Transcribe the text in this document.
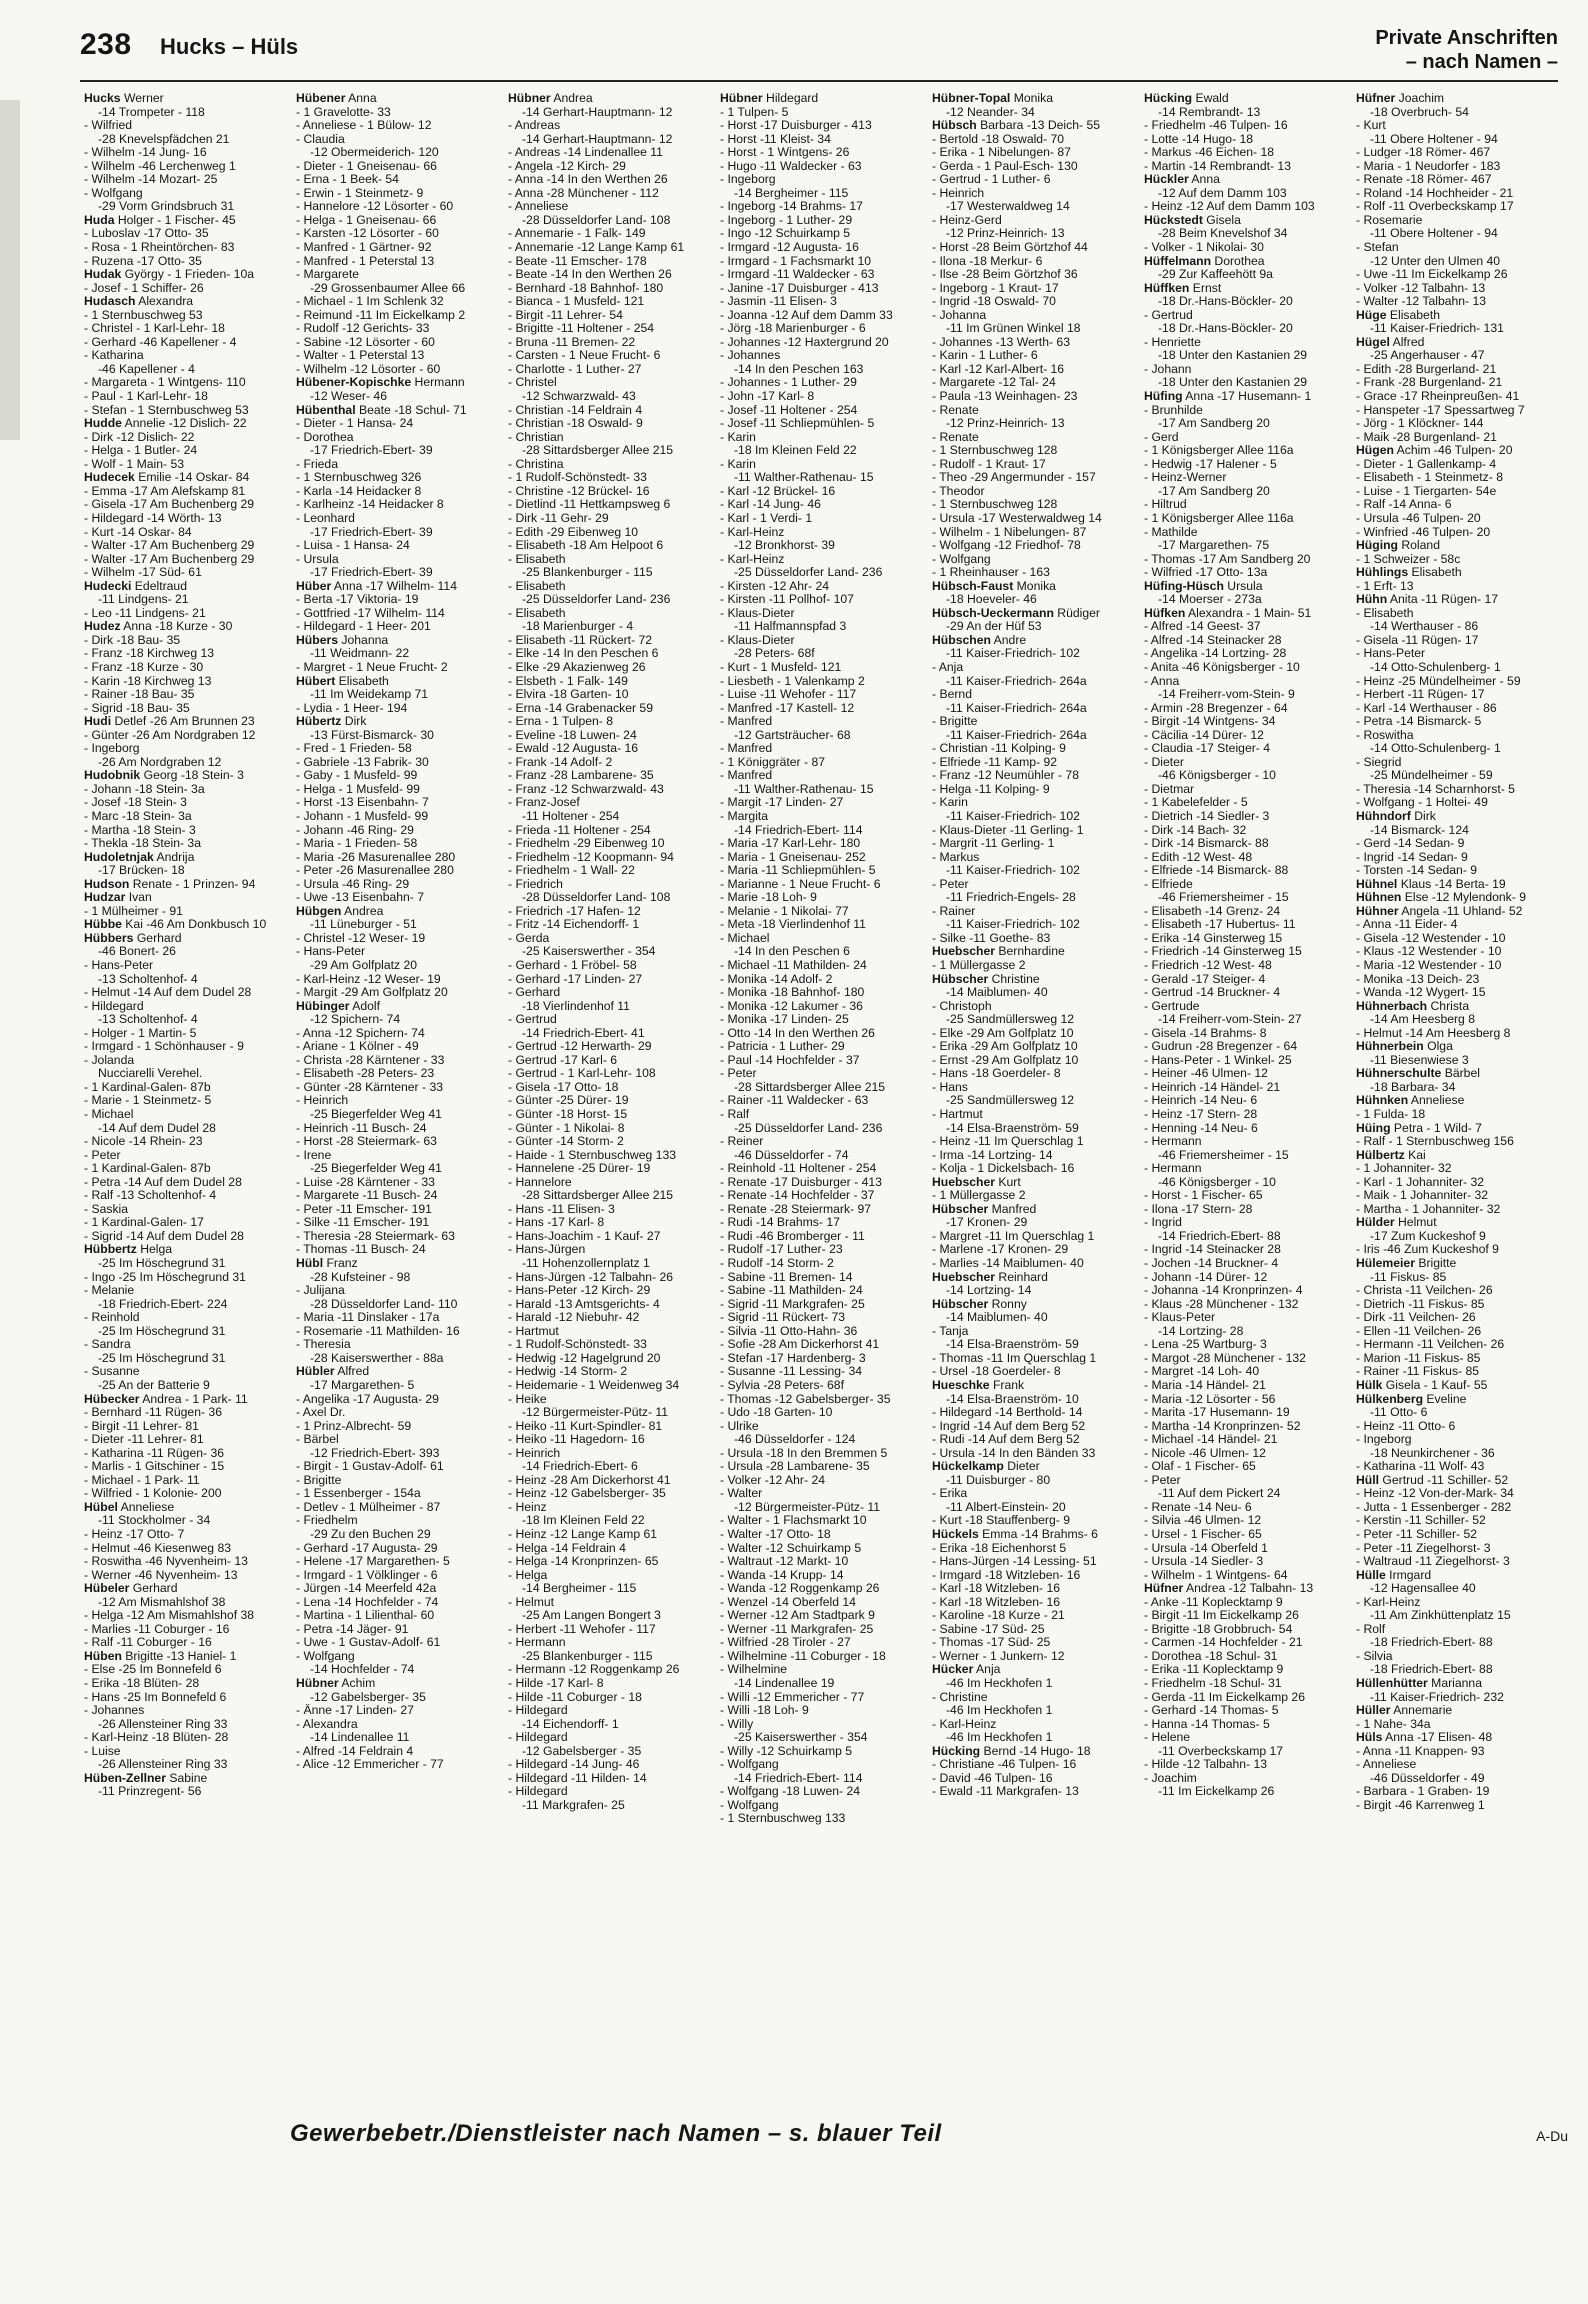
238 Hucks – Hüls	Private Anschriften
– nach Namen –
Hucks Werner
-14 Trompeter - 118
- Wilfried
-28 Knevelspfädchen 21
- Wilhelm -14 Jung- 16
- Wilhelm -46 Lerchenweg 1
- Wilhelm -14 Mozart- 25
- Wolfgang
-29 Vorm Grindsbruch 31
Huda Holger - 1 Fischer- 45
- Luboslav -17 Otto- 35
- Rosa - 1 Rheintörchen- 83
- Ruzena -17 Otto- 35
Hudak György - 1 Frieden- 10a
- Josef - 1 Schiffer- 26
Hudasch Alexandra
- 1 Sternbuschweg 53
- Christel - 1 Karl-Lehr- 18
- Gerhard -46 Kapellener - 4
- Katharina
-46 Kapellener - 4
- Margareta - 1 Wintgens- 110
- Paul - 1 Karl-Lehr- 18
- Stefan - 1 Sternbuschweg 53
Hudde Annelie -12 Dislich- 22
- Dirk -12 Dislich- 22
- Helga - 1 Butler- 24
- Wolf - 1 Main- 53
Hudecek Emilie -14 Oskar- 84
- Emma -17 Am Alefskamp 81
- Gisela -17 Am Buchenberg 29
- Hildegard -14 Wörth- 13
- Kurt -14 Oskar- 84
- Walter -17 Am Buchenberg 29
- Walter -17 Am Buchenberg 29
- Wilhelm -17 Süd- 61
Hudecki Edeltraud
-11 Lindgens- 21
- Leo -11 Lindgens- 21
Hudez Anna -18 Kurze - 30
- Dirk -18 Bau- 35
- Franz -18 Kirchweg 13
- Franz -18 Kurze - 30
- Karin -18 Kirchweg 13
- Rainer -18 Bau- 35
- Sigrid -18 Bau- 35
Hudi Detlef -26 Am Brunnen 23
- Günter -26 Am Nordgraben 12
- Ingeborg
-26 Am Nordgraben 12
Hudobnik Georg -18 Stein- 3
- Johann -18 Stein- 3a
- Josef -18 Stein- 3
- Marc -18 Stein- 3a
- Martha -18 Stein- 3
- Thekla -18 Stein- 3a
Hudoletnjak Andrija
-17 Brücken- 18
Hudson Renate - 1 Prinzen- 94
Hudzar Ivan
- 1 Mülheimer - 91
Hübbe Kai -46 Am Donkbusch 10
Hübbers Gerhard
-46 Bonert- 26
- Hans-Peter
-13 Scholtenhof- 4
- Helmut -14 Auf dem Dudel 28
- Hildegard
-13 Scholtenhof- 4
- Holger - 1 Martin- 5
- Irmgard - 1 Schönhauser - 9
- Jolanda
Nucciarelli Verehel.
- 1 Kardinal-Galen- 87b
- Marie - 1 Steinmetz- 5
- Michael
-14 Auf dem Dudel 28
- Nicole -14 Rhein- 23
- Peter
- 1 Kardinal-Galen- 87b
- Petra -14 Auf dem Dudel 28
- Ralf -13 Scholtenhof- 4
- Saskia
- 1 Kardinal-Galen- 17
- Sigrid -14 Auf dem Dudel 28
Hübbertz Helga
-25 Im Höschegrund 31
- Ingo -25 Im Höschegrund 31
- Melanie
-18 Friedrich-Ebert- 224
- Reinhold
-25 Im Höschegrund 31
- Sandra
-25 Im Höschegrund 31
- Susanne
-25 An der Batterie 9
Hübecker Andrea - 1 Park- 11
- Bernhard -11 Rügen- 36
- Birgit -11 Lehrer- 81
- Dieter -11 Lehrer- 81
- Katharina -11 Rügen- 36
- Marlis - 1 Gitschiner - 15
- Michael - 1 Park- 11
- Wilfried - 1 Kolonie- 200
Hübel Anneliese
-11 Stockholmer - 34
- Heinz -17 Otto- 7
- Helmut -46 Kiesenweg 83
- Roswitha -46 Nyvenheim- 13
- Werner -46 Nyvenheim- 13
Hübeler Gerhard
-12 Am Mismahlshof 38
- Helga -12 Am Mismahlshof 38
- Marlies -11 Coburger - 16
- Ralf -11 Coburger - 16
Hüben Brigitte -13 Haniel- 1
- Else -25 Im Bonnefeld 6
- Erika -18 Blüten- 28
- Hans -25 Im Bonnefeld 6
- Johannes
-26 Allensteiner Ring 33
- Karl-Heinz -18 Blüten- 28
- Luise
-26 Allensteiner Ring 33
Hüben-Zellner Sabine
-11 Prinzregent- 56
Hübener Anna
- 1 Gravelotte- 33
- Anneliese - 1 Bülow- 12
- Claudia
-12 Obermeiderich- 120
- Dieter - 1 Gneisenau- 66
- Erna - 1 Beek- 54
- Erwin - 1 Steinmetz- 9
- Hannelore -12 Lösorter - 60
- Helga - 1 Gneisenau- 66
- Karsten -12 Lösorter - 60
- Manfred - 1 Gärtner- 92
- Manfred - 1 Peterstal 13
- Margarete
-29 Grossenbaumer Allee 66
- Michael - 1 Im Schlenk 32
- Reimund -11 Im Eickelkamp 2
- Rudolf -12 Gerichts- 33
- Sabine -12 Lösorter - 60
- Walter - 1 Peterstal 13
- Wilhelm -12 Lösorter - 60
Hübener-Kopischke Hermann
-12 Weser- 46
Hübenthal Beate -18 Schul- 71
- Dieter - 1 Hansa- 24
- Dorothea
-17 Friedrich-Ebert- 39
- Frieda
- 1 Sternbuschweg 326
- Karla -14 Heidacker 8
- Karlheinz -14 Heidacker 8
- Leonhard
-17 Friedrich-Ebert- 39
- Luisa - 1 Hansa- 24
- Ursula
-17 Friedrich-Ebert- 39
Hüber Anna -17 Wilhelm- 114
- Berta -17 Viktoria- 19
- Gottfried -17 Wilhelm- 114
- Hildegard - 1 Heer- 201
Hübers Johanna
-11 Weidmann- 22
- Margret - 1 Neue Frucht- 2
Hübert Elisabeth
-11 Im Weidekamp 71
- Lydia - 1 Heer- 194
Hübertz Dirk
-13 Fürst-Bismarck- 30
- Fred - 1 Frieden- 58
- Gabriele -13 Fabrik- 30
- Gaby - 1 Musfeld- 99
- Helga - 1 Musfeld- 99
- Horst -13 Eisenbahn- 7
- Johann - 1 Musfeld- 99
- Johann -46 Ring- 29
- Maria - 1 Frieden- 58
- Maria -26 Masurenallee 280
- Peter -26 Masurenallee 280
- Ursula -46 Ring- 29
- Uwe -13 Eisenbahn- 7
Hübgen Andrea
-11 Lüneburger - 51
- Christel -12 Weser- 19
- Hans-Peter
-29 Am Golfplatz 20
- Karl-Heinz -12 Weser- 19
- Margit -29 Am Golfplatz 20
Hübinger Adolf
-12 Spichern- 74
- Anna -12 Spichern- 74
- Ariane - 1 Kölner - 49
- Christa -28 Kärntener - 33
- Elisabeth -28 Peters- 23
- Günter -28 Kärntener - 33
- Heinrich
-25 Biegerfelder Weg 41
- Heinrich -11 Busch- 24
- Horst -28 Steiermark- 63
- Irene
-25 Biegerfelder Weg 41
- Luise -28 Kärntener - 33
- Margarete -11 Busch- 24
- Peter -11 Emscher- 191
- Silke -11 Emscher- 191
- Theresia -28 Steiermark- 63
- Thomas -11 Busch- 24
Hübl Franz
-28 Kufsteiner - 98
- Julijana
-28 Düsseldorfer Land- 110
- Maria -11 Dinslaker - 17a
- Rosemarie -11 Mathilden- 16
- Theresia
-28 Kaiserswerther - 88a
Hübler Alfred
-17 Margarethen- 5
- Angelika -17 Augusta- 29
- Axel Dr.
- 1 Prinz-Albrecht- 59
- Bärbel
-12 Friedrich-Ebert- 393
- Birgit - 1 Gustav-Adolf- 61
- Brigitte
- 1 Essenberger - 154a
- Detlev - 1 Mülheimer - 87
- Friedhelm
-29 Zu den Buchen 29
- Gerhard -17 Augusta- 29
- Helene -17 Margarethen- 5
- Irmgard - 1 Völklinger - 6
- Jürgen -14 Meerfeld 42a
- Lena -14 Hochfelder - 74
- Martina - 1 Lilienthal- 60
- Petra -14 Jäger- 91
- Uwe - 1 Gustav-Adolf- 61
- Wolfgang
-14 Hochfelder - 74
Hübner Achim
-12 Gabelsberger- 35
- Änne -17 Linden- 27
- Alexandra
-14 Lindenallee 11
- Alfred -14 Feldrain 4
- Alice -12 Emmericher - 77
Hübner Andrea
-14 Gerhart-Hauptmann- 12
- Andreas
-14 Gerhart-Hauptmann- 12
- Andreas -14 Lindenallee 11
- Angela -12 Kirch- 29
- Anna -14 In den Werthen 26
- Anna -28 Münchener - 112
- Anneliese
-28 Düsseldorfer Land- 108
- Annemarie - 1 Falk- 149
- Annemarie -12 Lange Kamp 61
- Beate -11 Emscher- 178
- Beate -14 In den Werthen 26
- Bernhard -18 Bahnhof- 180
- Bianca - 1 Musfeld- 121
- Birgit -11 Lehrer- 54
- Brigitte -11 Holtener - 254
- Bruna -11 Bremen- 22
- Carsten - 1 Neue Frucht- 6
- Charlotte - 1 Luther- 27
- Christel
-12 Schwarzwald- 43
- Christian -14 Feldrain 4
- Christian -18 Oswald- 9
- Christian
-28 Sittardsberger Allee 215
- Christina
- 1 Rudolf-Schönstedt- 33
- Christine -12 Brückel- 16
- Dietlind -11 Hettkampsweg 6
- Dirk -11 Gehr- 29
- Edith -29 Eibenweg 10
- Elisabeth -18 Am Helpoot 6
- Elisabeth
-25 Blankenburger - 115
- Elisabeth
-25 Düsseldorfer Land- 236
- Elisabeth
-18 Marienburger - 4
- Elisabeth -11 Rückert- 72
- Elke -14 In den Peschen 6
- Elke -29 Akazienweg 26
- Elsbeth - 1 Falk- 149
- Elvira -18 Garten- 10
- Erna -14 Grabenacker 59
- Erna - 1 Tulpen- 8
- Eveline -18 Luwen- 24
- Ewald -12 Augusta- 16
- Frank -14 Adolf- 2
- Franz -28 Lambarene- 35
- Franz -12 Schwarzwald- 43
- Franz-Josef
-11 Holtener - 254
- Frieda -11 Holtener - 254
- Friedhelm -29 Eibenweg 10
- Friedhelm -12 Koopmann- 94
- Friedhelm - 1 Wall- 22
- Friedrich
-28 Düsseldorfer Land- 108
- Friedrich -17 Hafen- 12
- Fritz -14 Eichendorff- 1
- Gerda
-25 Kaiserswerther - 354
- Gerhard - 1 Fröbel- 58
- Gerhard -17 Linden- 27
- Gerhard
-18 Vierlindenhof 11
- Gertrud
-14 Friedrich-Ebert- 41
- Gertrud -12 Herwarth- 29
- Gertrud -17 Karl- 6
- Gertrud - 1 Karl-Lehr- 108
- Gisela -17 Otto- 18
- Günter -25 Dürer- 19
- Günter -18 Horst- 15
- Günter - 1 Nikolai- 8
- Günter -14 Storm- 2
- Haide - 1 Sternbuschweg 133
- Hannelene -25 Dürer- 19
- Hannelore
-28 Sittardsberger Allee 215
- Hans -11 Elisen- 3
- Hans -17 Karl- 8
- Hans-Joachim - 1 Kauf- 27
- Hans-Jürgen
-11 Hohenzollernplatz 1
- Hans-Jürgen -12 Talbahn- 26
- Hans-Peter -12 Kirch- 29
- Harald -13 Amtsgerichts- 4
- Harald -12 Niebuhr- 42
- Hartmut
- 1 Rudolf-Schönstedt- 33
- Hedwig -12 Hagelgrund 20
- Hedwig -14 Storm- 2
- Heidemarie - 1 Weidenweg 34
- Heike
-12 Bürgermeister-Pütz- 11
- Heiko -11 Kurt-Spindler- 81
- Heiko -11 Hagedorn- 16
- Heinrich
-14 Friedrich-Ebert- 6
- Heinz -28 Am Dickerhorst 41
- Heinz -12 Gabelsberger- 35
- Heinz
-18 Im Kleinen Feld 22
- Heinz -12 Lange Kamp 61
- Helga -14 Feldrain 4
- Helga -14 Kronprinzen- 65
- Helga
-14 Bergheimer - 115
- Helmut
-25 Am Langen Bongert 3
- Herbert -11 Wehofer - 117
- Hermann
-25 Blankenburger - 115
- Hermann -12 Roggenkamp 26
- Hilde -17 Karl- 8
- Hilde -11 Coburger - 18
- Hildegard
-14 Eichendorff- 1
- Hildegard
-12 Gabelsberger - 35
- Hildegard -14 Jung- 46
- Hildegard -11 Hilden- 14
- Hildegard
-11 Markgrafen- 25
Hübner Hildegard
- 1 Tulpen- 5
- Horst -17 Duisburger - 413
- Horst -11 Kleist- 34
- Horst - 1 Wintgens- 26
- Hugo -11 Waldecker - 63
- Ingeborg
-14 Bergheimer - 115
- Ingeborg -14 Brahms- 17
- Ingeborg - 1 Luther- 29
- Ingo -12 Schuirkamp 5
- Irmgard -12 Augusta- 16
- Irmgard - 1 Fachsmarkt 10
- Irmgard -11 Waldecker - 63
- Janine -17 Duisburger - 413
- Jasmin -11 Elisen- 3
- Joanna -12 Auf dem Damm 33
- Jörg -18 Marienburger - 6
- Johannes -12 Haxtergrund 20
- Johannes
-14 In den Peschen 163
- Johannes - 1 Luther- 29
- John -17 Karl- 8
- Josef -11 Holtener - 254
- Josef -11 Schliepmühlen- 5
- Karin
-18 Im Kleinen Feld 22
- Karin
-11 Walther-Rathenau- 15
- Karl -12 Brückel- 16
- Karl -14 Jung- 46
- Karl - 1 Verdi- 1
- Karl-Heinz
-12 Bronkhorst- 39
- Karl-Heinz
-25 Düsseldorfer Land- 236
- Kirsten -12 Ahr- 24
- Kirsten -11 Pollhof- 107
- Klaus-Dieter
-11 Halfmannspfad 3
- Klaus-Dieter
-28 Peters- 68f
- Kurt - 1 Musfeld- 121
- Liesbeth - 1 Valenkamp 2
- Luise -11 Wehofer - 117
- Manfred -17 Kastell- 12
- Manfred
-12 Gartsträucher- 68
- Manfred
- 1 Königgräter - 87
- Manfred
-11 Walther-Rathenau- 15
- Margit -17 Linden- 27
- Margita
-14 Friedrich-Ebert- 114
- Maria -17 Karl-Lehr- 180
- Maria - 1 Gneisenau- 252
- Maria -11 Schliepmühlen- 5
- Marianne - 1 Neue Frucht- 6
- Marie -18 Loh- 9
- Melanie - 1 Nikolai- 77
- Meta -18 Vierlindenhof 11
- Michael
-14 In den Peschen 6
- Michael -11 Mathilden- 24
- Monika -14 Adolf- 2
- Monika -18 Bahnhof- 180
- Monika -12 Lakumer - 36
- Monika -17 Linden- 25
- Otto -14 In den Werthen 26
- Patricia - 1 Luther- 29
- Paul -14 Hochfelder - 37
- Peter
-28 Sittardsberger Allee 215
- Rainer -11 Waldecker - 63
- Ralf
-25 Düsseldorfer Land- 236
- Reiner
-46 Düsseldorfer - 74
- Reinhold -11 Holtener - 254
- Renate -17 Duisburger - 413
- Renate -14 Hochfelder - 37
- Renate -28 Steiermark- 97
- Rudi -14 Brahms- 17
- Rudi -46 Bromberger - 11
- Rudolf -17 Luther- 23
- Rudolf -14 Storm- 2
- Sabine -11 Bremen- 14
- Sabine -11 Mathilden- 24
- Sigrid -11 Markgrafen- 25
- Sigrid -11 Rückert- 73
- Silvia -11 Otto-Hahn- 36
- Sofie -28 Am Dickerhorst 41
- Stefan -17 Hardenberg- 3
- Susanne -11 Lessing- 34
- Sylvia -28 Peters- 68f
- Thomas -12 Gabelsberger- 35
- Udo -18 Garten- 10
- Ulrike
-46 Düsseldorfer - 124
- Ursula -18 In den Bremmen 5
- Ursula -28 Lambarene- 35
- Volker -12 Ahr- 24
- Walter
-12 Bürgermeister-Pütz- 11
- Walter - 1 Flachsmarkt 10
- Walter -17 Otto- 18
- Walter -12 Schuirkamp 5
- Waltraut -12 Markt- 10
- Wanda -14 Krupp- 14
- Wanda -12 Roggenkamp 26
- Wenzel -14 Oberfeld 14
- Werner -12 Am Stadtpark 9
- Werner -11 Markgrafen- 25
- Wilfried -28 Tiroler - 27
- Wilhelmine -11 Coburger - 18
- Wilhelmine
-14 Lindenallee 19
- Willi -12 Emmericher - 77
- Willi -18 Loh- 9
- Willy
-25 Kaiserswerther - 354
- Willy -12 Schuirkamp 5
- Wolfgang
-14 Friedrich-Ebert- 114
- Wolfgang -18 Luwen- 24
- Wolfgang
- 1 Sternbuschweg 133
Hübner-Topal Monika
-12 Neander- 34
Hübsch Barbara -13 Deich- 55
- Bertold -18 Oswald- 70
- Erika - 1 Nibelungen- 87
- Gerda - 1 Paul-Esch- 130
- Gertrud - 1 Luther- 6
- Heinrich
-17 Westerwaldweg 14
- Heinz-Gerd
-12 Prinz-Heinrich- 13
- Horst -28 Beim Görtzhof 44
- Ilona -18 Merkur- 6
- Ilse -28 Beim Görtzhof 36
- Ingeborg - 1 Kraut- 17
- Ingrid -18 Oswald- 70
- Johanna
-11 Im Grünen Winkel 18
- Johannes -13 Werth- 63
- Karin - 1 Luther- 6
- Karl -12 Karl-Albert- 16
- Margarete -12 Tal- 24
- Paula -13 Weinhagen- 23
- Renate
-12 Prinz-Heinrich- 13
- Renate
- 1 Sternbuschweg 128
- Rudolf - 1 Kraut- 17
- Theo -29 Angermunder - 157
- Theodor
- 1 Sternbuschweg 128
- Ursula -17 Westerwaldweg 14
- Wilhelm - 1 Nibelungen- 87
- Wolfgang -12 Friedhof- 78
- Wolfgang
- 1 Rheinhauser - 163
Hübsch-Faust Monika
-18 Hoeveler- 46
Hübsch-Ueckermann Rüdiger
-29 An der Hüf 53
Hübschen Andre
-11 Kaiser-Friedrich- 102
- Anja
-11 Kaiser-Friedrich- 264a
- Bernd
-11 Kaiser-Friedrich- 264a
- Brigitte
-11 Kaiser-Friedrich- 264a
- Christian -11 Kolping- 9
- Elfriede -11 Kamp- 92
- Franz -12 Neumühler - 78
- Helga -11 Kolping- 9
- Karin
-11 Kaiser-Friedrich- 102
- Klaus-Dieter -11 Gerling- 1
- Margrit -11 Gerling- 1
- Markus
-11 Kaiser-Friedrich- 102
- Peter
-11 Friedrich-Engels- 28
- Rainer
-11 Kaiser-Friedrich- 102
- Silke -11 Goethe- 83
Huebscher Bernhardine
- 1 Müllergasse 2
Hübscher Christine
-14 Maiblumen- 40
- Christoph
-25 Sandmüllersweg 12
- Elke -29 Am Golfplatz 10
- Erika -29 Am Golfplatz 10
- Ernst -29 Am Golfplatz 10
- Hans -18 Goerdeler- 8
- Hans
-25 Sandmüllersweg 12
- Hartmut
-14 Elsa-Braenström- 59
- Heinz -11 Im Querschlag 1
- Irma -14 Lortzing- 14
- Kolja - 1 Dickelsbach- 16
Huebscher Kurt
- 1 Müllergasse 2
Hübscher Manfred
-17 Kronen- 29
- Margret -11 Im Querschlag 1
- Marlene -17 Kronen- 29
- Marlies -14 Maiblumen- 40
Huebscher Reinhard
-14 Lortzing- 14
Hübscher Ronny
-14 Maiblumen- 40
- Tanja
-14 Elsa-Braenström- 59
- Thomas -11 Im Querschlag 1
- Ursel -18 Goerdeler- 8
Hueschke Frank
-14 Elsa-Braenström- 10
- Hildegard -14 Berthold- 14
- Ingrid -14 Auf dem Berg 52
- Rudi -14 Auf dem Berg 52
- Ursula -14 In den Bänden 33
Hückelkamp Dieter
-11 Duisburger - 80
- Erika
-11 Albert-Einstein- 20
- Kurt -18 Stauffenberg- 9
Hückels Emma -14 Brahms- 6
- Erika -18 Eichenhorst 5
- Hans-Jürgen -14 Lessing- 51
- Irmgard -18 Witzleben- 16
- Karl -18 Witzleben- 16
- Karl -18 Witzleben- 16
- Karoline -18 Kurze - 21
- Sabine -17 Süd- 25
- Thomas -17 Süd- 25
- Werner - 1 Junkern- 12
Hücker Anja
-46 Im Heckhofen 1
- Christine
-46 Im Heckhofen 1
- Karl-Heinz
-46 Im Heckhofen 1
Hücking Bernd -14 Hugo- 18
- Christiane -46 Tulpen- 16
- David -46 Tulpen- 16
- Ewald -11 Markgrafen- 13
Hücking Ewald
-14 Rembrandt- 13
- Friedhelm -46 Tulpen- 16
- Lotte -14 Hugo- 18
- Markus -46 Eichen- 18
- Martin -14 Rembrandt- 13
Hückler Anna
-12 Auf dem Damm 103
- Heinz -12 Auf dem Damm 103
Hückstedt Gisela
-28 Beim Knevelshof 34
- Volker - 1 Nikolai- 30
Hüffelmann Dorothea
-29 Zur Kaffeehött 9a
Hüffken Ernst
-18 Dr.-Hans-Böckler- 20
- Gertrud
-18 Dr.-Hans-Böckler- 20
- Henriette
-18 Unter den Kastanien 29
- Johann
-18 Unter den Kastanien 29
Hüfing Anna -17 Husemann- 1
- Brunhilde
-17 Am Sandberg 20
- Gerd
- 1 Königsberger Allee 116a
- Hedwig -17 Halener - 5
- Heinz-Werner
-17 Am Sandberg 20
- Hiltrud
- 1 Königsberger Allee 116a
- Mathilde
-17 Margarethen- 75
- Thomas -17 Am Sandberg 20
- Wilfried -17 Otto- 13a
Hüfing-Hüsch Ursula
-14 Moerser - 273a
Hüfken Alexandra - 1 Main- 51
- Alfred -14 Geest- 37
- Alfred -14 Steinacker 28
- Angelika -14 Lortzing- 28
- Anita -46 Königsberger - 10
- Anna
-14 Freiherr-vom-Stein- 9
- Armin -28 Bregenzer - 64
- Birgit -14 Wintgens- 34
- Cäcilia -14 Dürer- 12
- Claudia -17 Steiger- 4
- Dieter
-46 Königsberger - 10
- Dietmar
- 1 Kabelefelder - 5
- Dietrich -14 Siedler- 3
- Dirk -14 Bach- 32
- Dirk -14 Bismarck- 88
- Edith -12 West- 48
- Elfriede -14 Bismarck- 88
- Elfriede
-46 Friemersheimer - 15
- Elisabeth -14 Grenz- 24
- Elisabeth -17 Hubertus- 11
- Erika -14 Ginsterweg 15
- Friedrich -14 Ginsterweg 15
- Friedrich -12 West- 48
- Gerald -17 Steiger- 4
- Gertrud -14 Bruckner- 4
- Gertrude
-14 Freiherr-vom-Stein- 27
- Gisela -14 Brahms- 8
- Gudrun -28 Bregenzer - 64
- Hans-Peter - 1 Winkel- 25
- Heiner -46 Ulmen- 12
- Heinrich -14 Händel- 21
- Heinrich -14 Neu- 6
- Heinz -17 Stern- 28
- Henning -14 Neu- 6
- Hermann
-46 Friemersheimer - 15
- Hermann
-46 Königsberger - 10
- Horst - 1 Fischer- 65
- Ilona -17 Stern- 28
- Ingrid
-14 Friedrich-Ebert- 88
- Ingrid -14 Steinacker 28
- Jochen -14 Bruckner- 4
- Johann -14 Dürer- 12
- Johanna -14 Kronprinzen- 4
- Klaus -28 Münchener - 132
- Klaus-Peter
-14 Lortzing- 28
- Lena -25 Wartburg- 3
- Margot -28 Münchener - 132
- Margret -14 Loh- 40
- Maria -14 Händel- 21
- Maria -12 Lösorter - 56
- Marita -17 Husemann- 19
- Martha -14 Kronprinzen- 52
- Michael -14 Händel- 21
- Nicole -46 Ulmen- 12
- Olaf - 1 Fischer- 65
- Peter
-11 Auf dem Pickert 24
- Renate -14 Neu- 6
- Silvia -46 Ulmen- 12
- Ursel - 1 Fischer- 65
- Ursula -14 Oberfeld 1
- Ursula -14 Siedler- 3
- Wilhelm - 1 Wintgens- 64
Hüfner Andrea -12 Talbahn- 13
- Anke -11 Koplecktamp 9
- Birgit -11 Im Eickelkamp 26
- Brigitte -18 Grobbruch- 54
- Carmen -14 Hochfelder - 21
- Dorothea -18 Schul- 31
- Erika -11 Koplecktamp 9
- Friedhelm -18 Schul- 31
- Gerda -11 Im Eickelkamp 26
- Gerhard -14 Thomas- 5
- Hanna -14 Thomas- 5
- Helene
-11 Overbeckskamp 17
- Hilde -12 Talbahn- 13
- Joachim
-11 Im Eickelkamp 26
Hüfner Joachim
-18 Overbruch- 54
- Kurt
-11 Obere Holtener - 94
- Ludger -18 Römer- 467
- Maria - 1 Neudorfer - 183
- Renate -18 Römer- 467
- Roland -14 Hochheider - 21
- Rolf -11 Overbeckskamp 17
- Rosemarie
-11 Obere Holtener - 94
- Stefan
-12 Unter den Ulmen 40
- Uwe -11 Im Eickelkamp 26
- Volker -12 Talbahn- 13
- Walter -12 Talbahn- 13
Hüge Elisabeth
-11 Kaiser-Friedrich- 131
Hügel Alfred
-25 Angerhauser - 47
- Edith -28 Burgerland- 21
- Frank -28 Burgenland- 21
- Grace -17 Rheinpreußen- 41
- Hanspeter -17 Spessartweg 7
- Jörg - 1 Klöckner- 144
- Maik -28 Burgenland- 21
Hügen Achim -46 Tulpen- 20
- Dieter - 1 Gallenkamp- 4
- Elisabeth - 1 Steinmetz- 8
- Luise - 1 Tiergarten- 54e
- Ralf -14 Anna- 6
- Ursula -46 Tulpen- 20
- Winfried -46 Tulpen- 20
Hüging Roland
- 1 Schweizer - 58c
Hühlings Elisabeth
- 1 Erft- 13
Hühn Anita -11 Rügen- 17
- Elisabeth
-14 Werthauser - 86
- Gisela -11 Rügen- 17
- Hans-Peter
-14 Otto-Schulenberg- 1
- Heinz -25 Mündelheimer - 59
- Herbert -11 Rügen- 17
- Karl -14 Werthauser - 86
- Petra -14 Bismarck- 5
- Roswitha
-14 Otto-Schulenberg- 1
- Siegrid
-25 Mündelheimer - 59
- Theresia -14 Scharnhorst- 5
- Wolfgang - 1 Holtei- 49
Hühndorf Dirk
-14 Bismarck- 124
- Gerd -14 Sedan- 9
- Ingrid -14 Sedan- 9
- Torsten -14 Sedan- 9
Hühnel Klaus -14 Berta- 19
Hühnen Else -12 Mylendonk- 9
Hühner Angela -11 Uhland- 52
- Anna -11 Eider- 4
- Gisela -12 Westender - 10
- Klaus -12 Westender - 10
- Maria -12 Westender - 10
- Monika -13 Deich- 23
- Wanda -12 Wygert- 15
Hühnerbach Christa
-14 Am Heesberg 8
- Helmut -14 Am Heesberg 8
Hühnerbein Olga
-11 Biesenwiese 3
Hühnerschulte Bärbel
-18 Barbara- 34
Hühnken Anneliese
- 1 Fulda- 18
Hüing Petra - 1 Wild- 7
- Ralf - 1 Sternbuschweg 156
Hülbertz Kai
- 1 Johanniter- 32
- Karl - 1 Johanniter- 32
- Maik - 1 Johanniter- 32
- Martha - 1 Johanniter- 32
Hülder Helmut
-17 Zum Kuckeshof 9
- Iris -46 Zum Kuckeshof 9
Hülemeier Brigitte
-11 Fiskus- 85
- Christa -11 Veilchen- 26
- Dietrich -11 Fiskus- 85
- Dirk -11 Veilchen- 26
- Ellen -11 Veilchen- 26
- Hermann -11 Veilchen- 26
- Marion -11 Fiskus- 85
- Rainer -11 Fiskus- 85
Hülk Gisela - 1 Kauf- 55
Hülkenberg Eveline
-11 Otto- 6
- Heinz -11 Otto- 6
- Ingeborg
-18 Neunkirchener - 36
- Katharina -11 Wolf- 43
Hüll Gertrud -11 Schiller- 52
- Heinz -12 Von-der-Mark- 34
- Jutta - 1 Essenberger - 282
- Kerstin -11 Schiller- 52
- Peter -11 Schiller- 52
- Peter -11 Ziegelhorst- 3
- Waltraud -11 Ziegelhorst- 3
Hülle Irmgard
-12 Hagensallee 40
- Karl-Heinz
-11 Am Zinkhüttenplatz 15
- Rolf
-18 Friedrich-Ebert- 88
- Silvia
-18 Friedrich-Ebert- 88
Hüllenhütter Marianna
-11 Kaiser-Friedrich- 232
Hüller Annemarie
- 1 Nahe- 34a
Hüls Anna -17 Elisen- 48
- Anna -11 Knappen- 93
- Anneliese
-46 Düsseldorfer - 49
- Barbara - 1 Graben- 19
- Birgit -46 Karrenweg 1
Gewerbebetr./Dienstleister nach Namen – s. blauer Teil	A-Du
